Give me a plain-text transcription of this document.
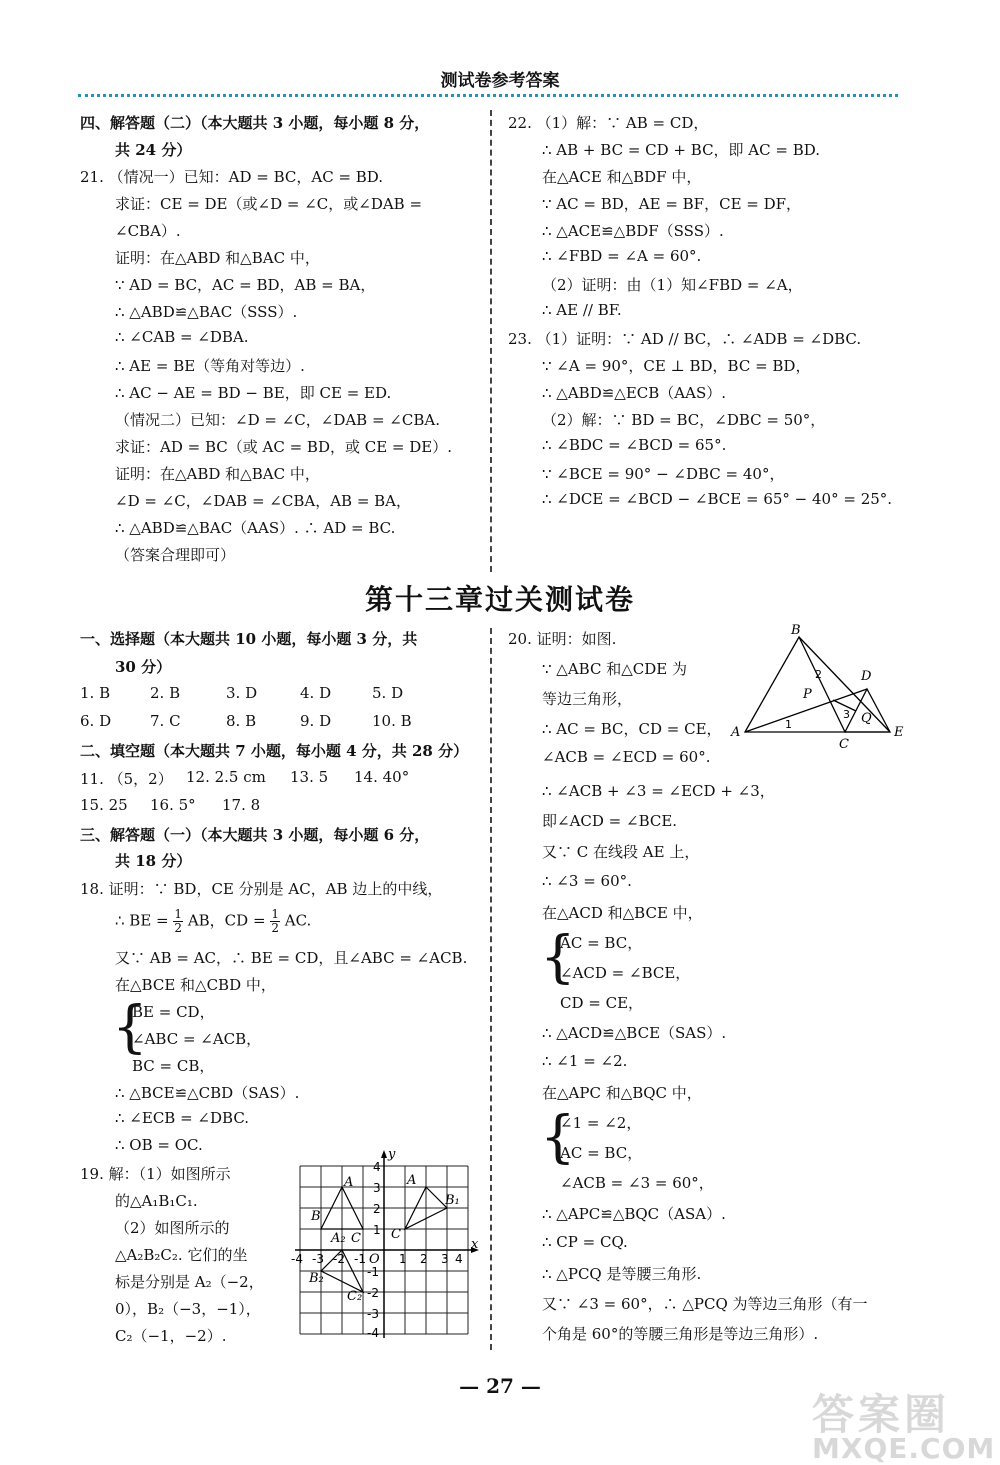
测试卷参考答案
四、解答题（二）（本大题共 3 小题，每小题 8 分，
共 24 分）
21. （情况一）已知：AD = BC，AC = BD.
求证：CE = DE（或∠D = ∠C，或∠DAB =
∠CBA）.
证明：在△ABD 和△BAC 中，
∵ AD = BC，AC = BD，AB = BA，
∴ △ABD≌△BAC（SSS）.
∴ ∠CAB = ∠DBA.
∴ AE = BE（等角对等边）.
∴ AC − AE = BD − BE，即 CE = ED.
（情况二）已知：∠D = ∠C，∠DAB = ∠CBA.
求证：AD = BC（或 AC = BD，或 CE = DE）.
证明：在△ABD 和△BAC 中，
∠D = ∠C，∠DAB = ∠CBA，AB = BA，
∴ △ABD≌△BAC（AAS）. ∴ AD = BC.
（答案合理即可）
22. （1）解：∵ AB = CD，
∴ AB + BC = CD + BC，即 AC = BD.
在△ACE 和△BDF 中，
∵ AC = BD，AE = BF，CE = DF，
∴ △ACE≌△BDF（SSS）.
∴ ∠FBD = ∠A = 60°.
（2）证明：由（1）知∠FBD = ∠A，
∴ AE // BF.
23. （1）证明：∵ AD // BC，∴ ∠ADB = ∠DBC.
∵ ∠A = 90°，CE ⊥ BD，BC = BD，
∴ △ABD≌△ECB（AAS）.
（2）解：∵ BD = BC，∠DBC = 50°，
∴ ∠BDC = ∠BCD = 65°.
∵ ∠BCE = 90° − ∠DBC = 40°，
∴ ∠DCE = ∠BCD − ∠BCE = 65° − 40° = 25°.
第十三章过关测试卷
一、选择题（本大题共 10 小题，每小题 3 分，共
30 分）
1. B	2. B	3. D	4. D	5. D
6. D	7. C	8. B	9. D	10. B
二、填空题（本大题共 7 小题，每小题 4 分，共 28 分）
11. （5，2） 12. 2.5 cm 13. 5 14. 40°
15. 25 16. 5° 17. 8
三、解答题（一）（本大题共 3 小题，每小题 6 分，
共 18 分）
18. 证明：∵ BD，CE 分别是 AC，AB 边上的中线，
∴ BE = $\frac{1}{2}$ AB，CD = $\frac{1}{2}$ AC.
又∵ AB = AC，∴ BE = CD，且∠ABC = ∠ACB.
在△BCE 和△CBD 中，
{
BE = CD，
∠ABC = ∠ACB，
BC = CB，
∴ △BCE≌△CBD（SAS）.
∴ ∠ECB = ∠DBC.
∴ OB = OC.
19. 解：（1）如图所示
的△A₁B₁C₁.
（2）如图所示的
△A₂B₂C₂. 它们的坐
标是分别是 A₂（−2，
0），B₂（−3，−1），
C₂（−1，−2）.
y
x
O
A
B
C
A
B₁
C
A₂
B₂
C₂
-4 -3 -2 -1	1 2 3 4
4
3
2
1
-1
-2
-3
-4
20. 证明：如图.
∵ △ABC 和△CDE 为
等边三角形，
∴ AC = BC，CD = CE，
∠ACB = ∠ECD = 60°.
∴ ∠ACB + ∠3 = ∠ECD + ∠3，
即∠ACD = ∠BCE.
又∵ C 在线段 AE 上，
∴ ∠3 = 60°.
在△ACD 和△BCE 中，
{
AC = BC，
∠ACD = ∠BCE，
CD = CE，
∴ △ACD≌△BCE（SAS）.
∴ ∠1 = ∠2.
在△APC 和△BQC 中，
{
∠1 = ∠2，
AC = BC，
∠ACB = ∠3 = 60°，
∴ △APC≌△BQC（ASA）.
∴ CP = CQ.
∴ △PCQ 是等腰三角形.
又∵ ∠3 = 60°，∴ △PCQ 为等边三角形（有一
个角是 60°的等腰三角形是等边三角形）.
A
B
C
D
E
P
Q
1
2
3
— 27 —
答案圈
MXQE.COM
